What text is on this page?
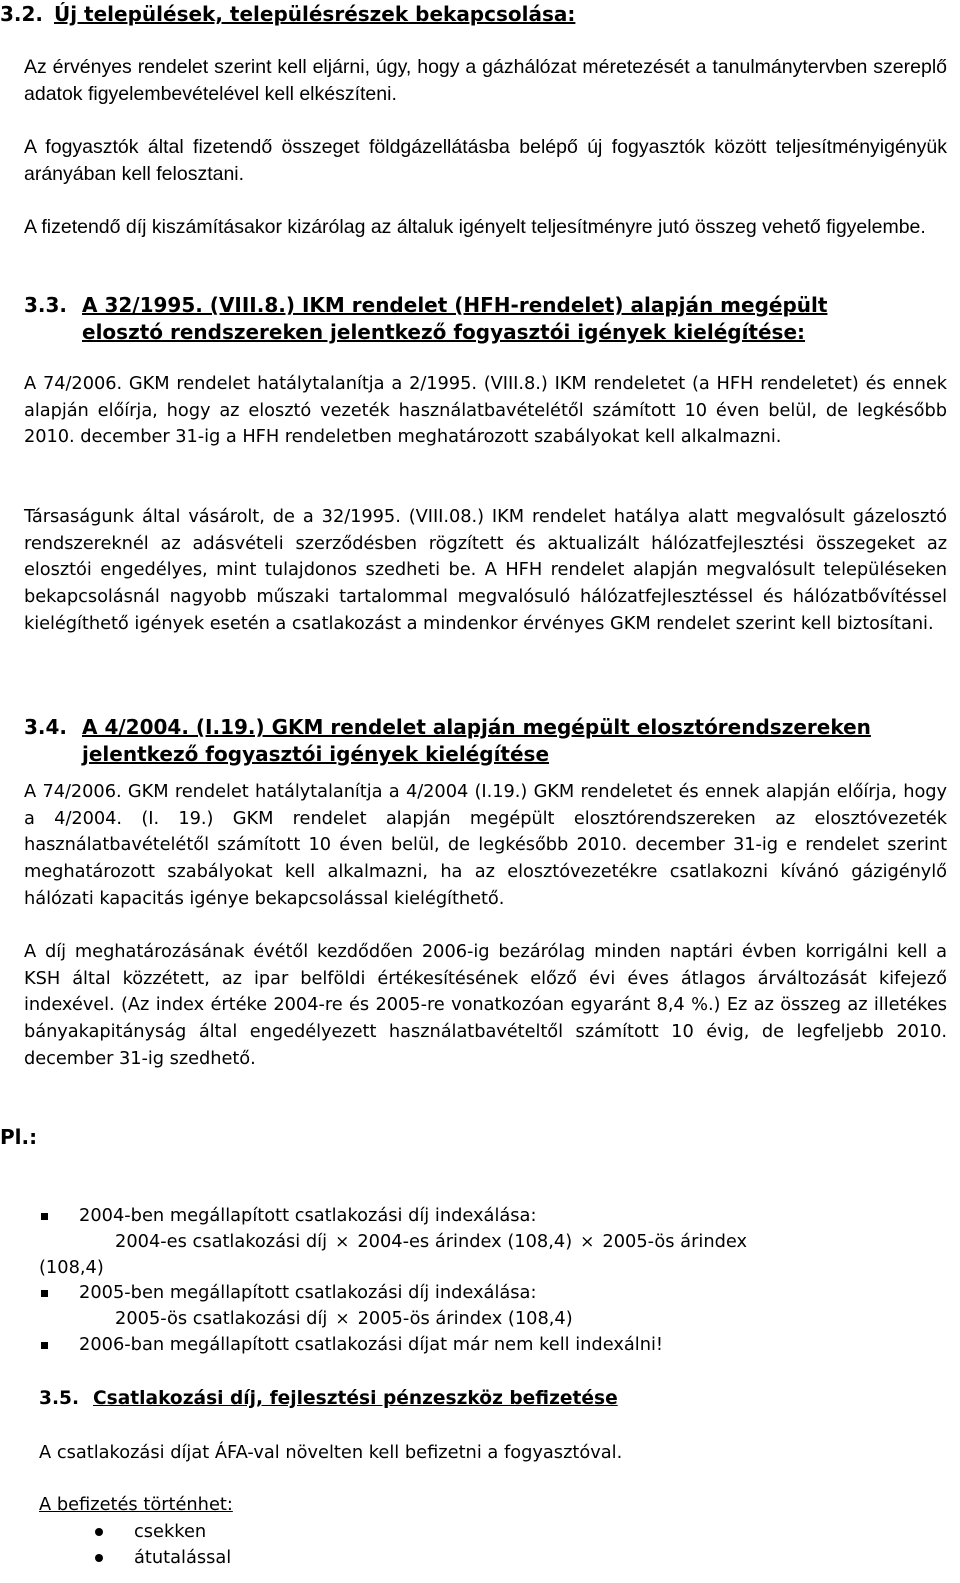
3.2. Új települések, településrészek bekapcsolása:
Az érvényes rendelet szerint kell eljárni, úgy, hogy a gázhálózat méretezését a tanulmánytervben szereplő adatok figyelembevételével kell elkészíteni.
A fogyasztók által fizetendő összeget földgázellátásba belépő új fogyasztók között teljesítményigényük arányában kell felosztani.
A fizetendő díj kiszámításakor kizárólag az általuk igényelt teljesítményre jutó összeg vehető figyelembe.
3.3. A 32/1995. (VIII.8.) IKM rendelet (HFH-rendelet) alapján megépült
elosztó rendszereken jelentkező fogyasztói igények kielégítése:
A 74/2006. GKM rendelet hatálytalanítja a 2/1995. (VIII.8.) IKM rendeletet (a HFH rendeletet) és ennek alapján előírja, hogy az elosztó vezeték használatbavételétől számított 10 éven belül, de legkésőbb 2010. december 31-ig a HFH rendeletben meghatározott szabályokat kell alkalmazni.
Társaságunk által vásárolt, de a 32/1995. (VIII.08.) IKM rendelet hatálya alatt megvalósult gázelosztó rendszereknél az adásvételi szerződésben rögzített és aktualizált hálózatfejlesztési összegeket az elosztói engedélyes, mint tulajdonos szedheti be. A HFH rendelet alapján megvalósult településeken bekapcsolásnál nagyobb műszaki tartalommal megvalósuló hálózatfejlesztéssel és hálózatbővítéssel kielégíthető igények esetén a csatlakozást a mindenkor érvényes GKM rendelet szerint kell biztosítani.
3.4. A 4/2004. (I.19.) GKM rendelet alapján megépült elosztórendszereken
jelentkező fogyasztói igények kielégítése
A 74/2006. GKM rendelet hatálytalanítja a 4/2004 (I.19.) GKM rendeletet és ennek alapján előírja, hogy a 4/2004. (I. 19.) GKM rendelet alapján megépült elosztórendszereken az elosztóvezeték használatbavételétől számított 10 éven belül, de legkésőbb 2010. december 31-ig e rendelet szerint meghatározott szabályokat kell alkalmazni, ha az elosztóvezetékre csatlakozni kívánó gázigénylő hálózati kapacitás igénye bekapcsolással kielégíthető.
A díj meghatározásának évétől kezdődően 2006-ig bezárólag minden naptári évben korrigálni kell a KSH által közzétett, az ipar belföldi értékesítésének előző évi éves átlagos árváltozását kifejező indexével. (Az index értéke 2004-re és 2005-re vonatkozóan egyaránt 8,4 %.) Ez az összeg az illetékes bányakapitányság által engedélyezett használatbavételtől számított 10 évig, de legfeljebb 2010. december 31-ig szedhető.
Pl.:
2004-ben megállapított csatlakozási díj indexálása:
2004-es csatlakozási díj × 2004-es árindex (108,4) × 2005-ös árindex
(108,4)
2005-ben megállapított csatlakozási díj indexálása:
2005-ös csatlakozási díj × 2005-ös árindex (108,4)
2006-ban megállapított csatlakozási díjat már nem kell indexálni!
3.5. Csatlakozási díj, fejlesztési pénzeszköz befizetése
A csatlakozási díjat ÁFA-val növelten kell befizetni a fogyasztóval.
A befizetés történhet:
csekken
átutalással
